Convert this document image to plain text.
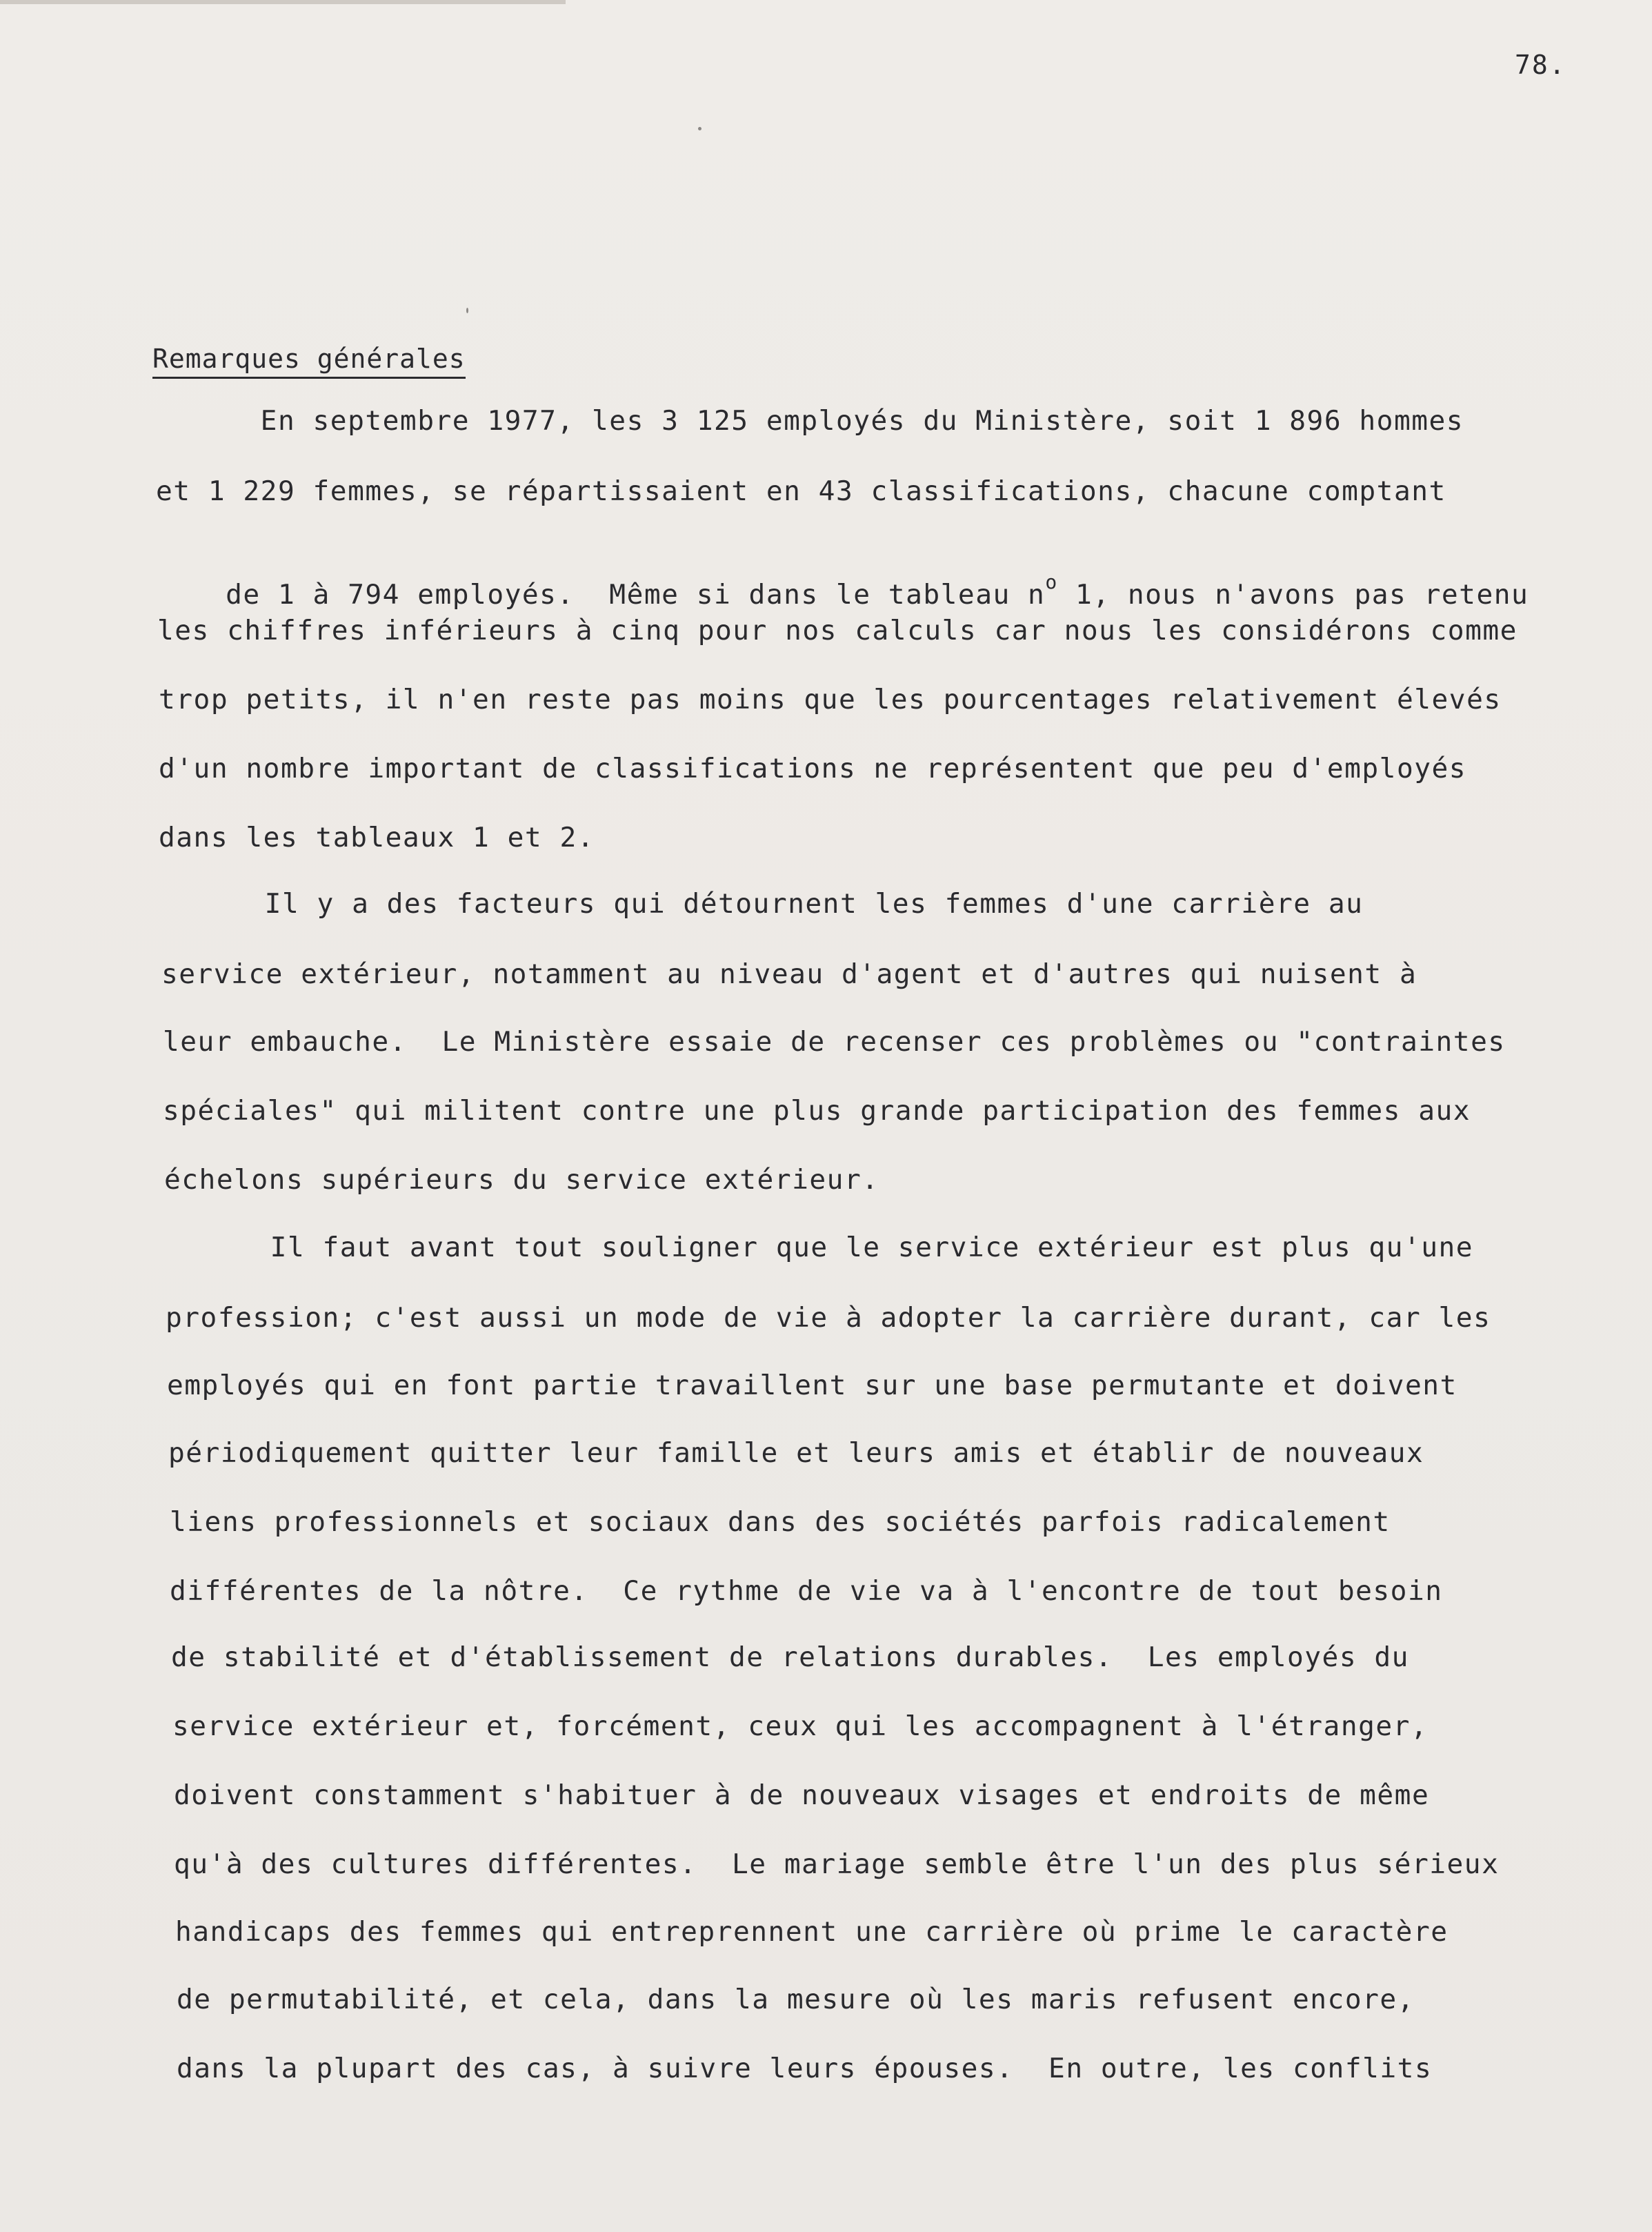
78.
Remarques générales
En septembre 1977, les 3 125 employés du Ministère, soit 1 896 hommes
et 1 229 femmes, se répartissaient en 43 classifications, chacune comptant

de 1 à 794 employés.  Même si dans le tableau $n^o$ 1, nous n'avons pas retenu

les chiffres inférieurs à cinq pour nos calculs car nous les considérons comme
trop petits, il n'en reste pas moins que les pourcentages relativement élevés
d'un nombre important de classifications ne représentent que peu d'employés
dans les tableaux 1 et 2.
Il y a des facteurs qui détournent les femmes d'une carrière au
service extérieur, notamment au niveau d'agent et d'autres qui nuisent à
leur embauche.  Le Ministère essaie de recenser ces problèmes ou "contraintes
spéciales" qui militent contre une plus grande participation des femmes aux
échelons supérieurs du service extérieur.
Il faut avant tout souligner que le service extérieur est plus qu'une
profession; c'est aussi un mode de vie à adopter la carrière durant, car les
employés qui en font partie travaillent sur une base permutante et doivent
périodiquement quitter leur famille et leurs amis et établir de nouveaux
liens professionnels et sociaux dans des sociétés parfois radicalement
différentes de la nôtre.  Ce rythme de vie va à l'encontre de tout besoin
de stabilité et d'établissement de relations durables.  Les employés du
service extérieur et, forcément, ceux qui les accompagnent à l'étranger,
doivent constamment s'habituer à de nouveaux visages et endroits de même
qu'à des cultures différentes.  Le mariage semble être l'un des plus sérieux
handicaps des femmes qui entreprennent une carrière où prime le caractère
de permutabilité, et cela, dans la mesure où les maris refusent encore,
dans la plupart des cas, à suivre leurs épouses.  En outre, les conflits
